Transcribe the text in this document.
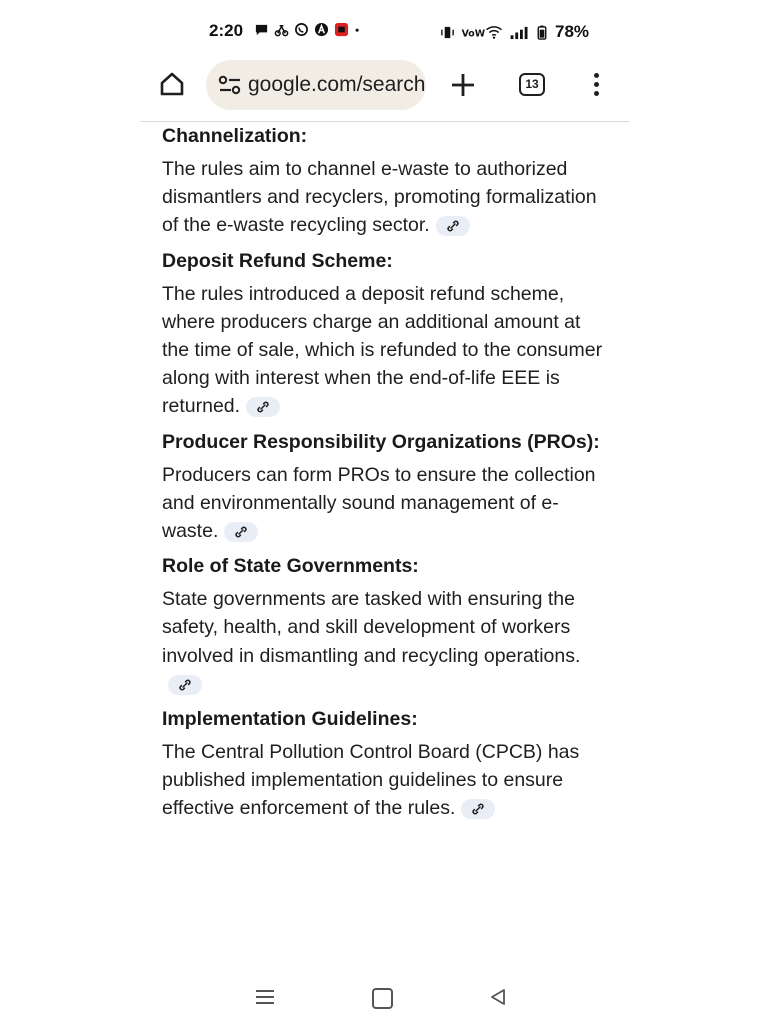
2:20	VoW	78%
google.com/search	13

Channelization:

The rules aim to channel e-waste to authorized dismantlers and recyclers, promoting formalization of the e-waste recycling sector.

Deposit Refund Scheme:

The rules introduced a deposit refund scheme, where producers charge an additional amount at the time of sale, which is refunded to the consumer along with interest when the end-of-life EEE is returned.

Producer Responsibility Organizations (PROs):

Producers can form PROs to ensure the collection and environmentally sound management of e-waste.

Role of State Governments:

State governments are tasked with ensuring the safety, health, and skill development of workers involved in dismantling and recycling operations.

Implementation Guidelines:

The Central Pollution Control Board (CPCB) has published implementation guidelines to ensure effective enforcement of the rules.
